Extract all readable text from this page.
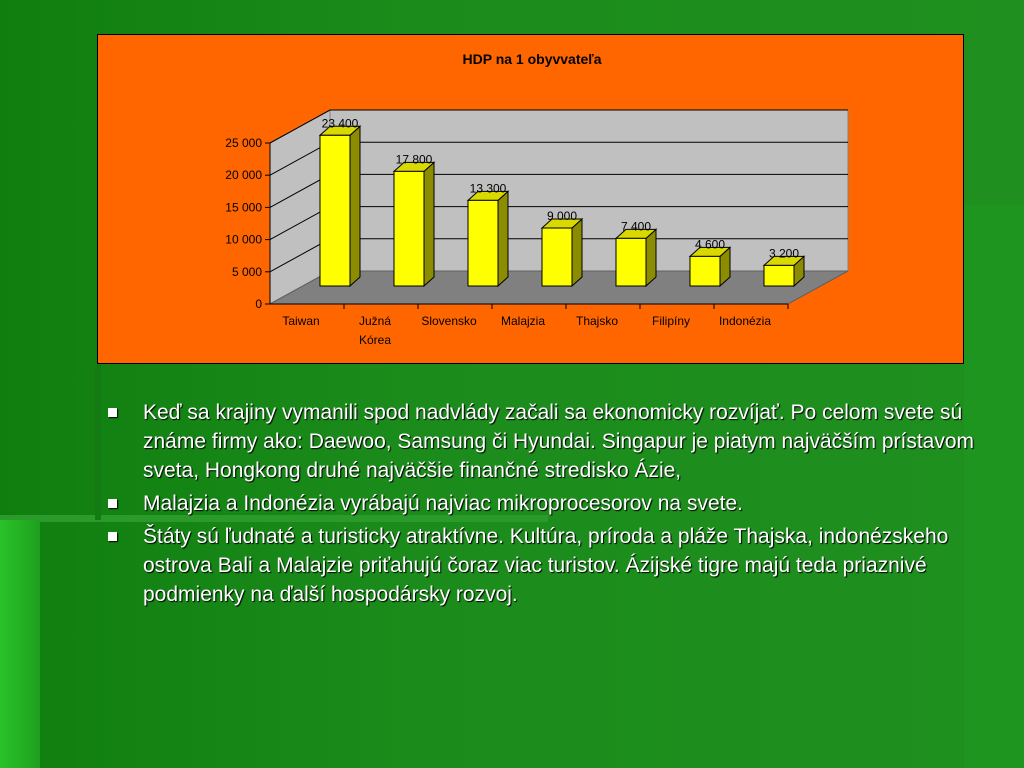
HDP na 1 obyvvateľa
0
5 000
10 000
15 000
20 000
25 000
23 400
Taiwan
17 800
Južná
Kórea
13 300
Slovensko
9 000
Malajzia
7 400
Thajsko
4 600
Filipíny
3 200
Indonézia
Keď sa krajiny vymanili spod nadvlády začali sa ekonomicky rozvíjať. Po celom svete sú známe firmy ako: Daewoo, Samsung či Hyundai. Singapur je piatym najväčším prístavom sveta, Hongkong druhé najväčšie finančné stredisko Ázie,
Malajzia a Indonézia vyrábajú najviac mikroprocesorov na svete.
Štáty sú ľudnaté a turisticky atraktívne. Kultúra, príroda a pláže Thajska, indonézskeho ostrova Bali a Malajzie priťahujú čoraz viac turistov. Ázijské tigre majú teda priaznivé podmienky na ďalší hospodársky rozvoj.
